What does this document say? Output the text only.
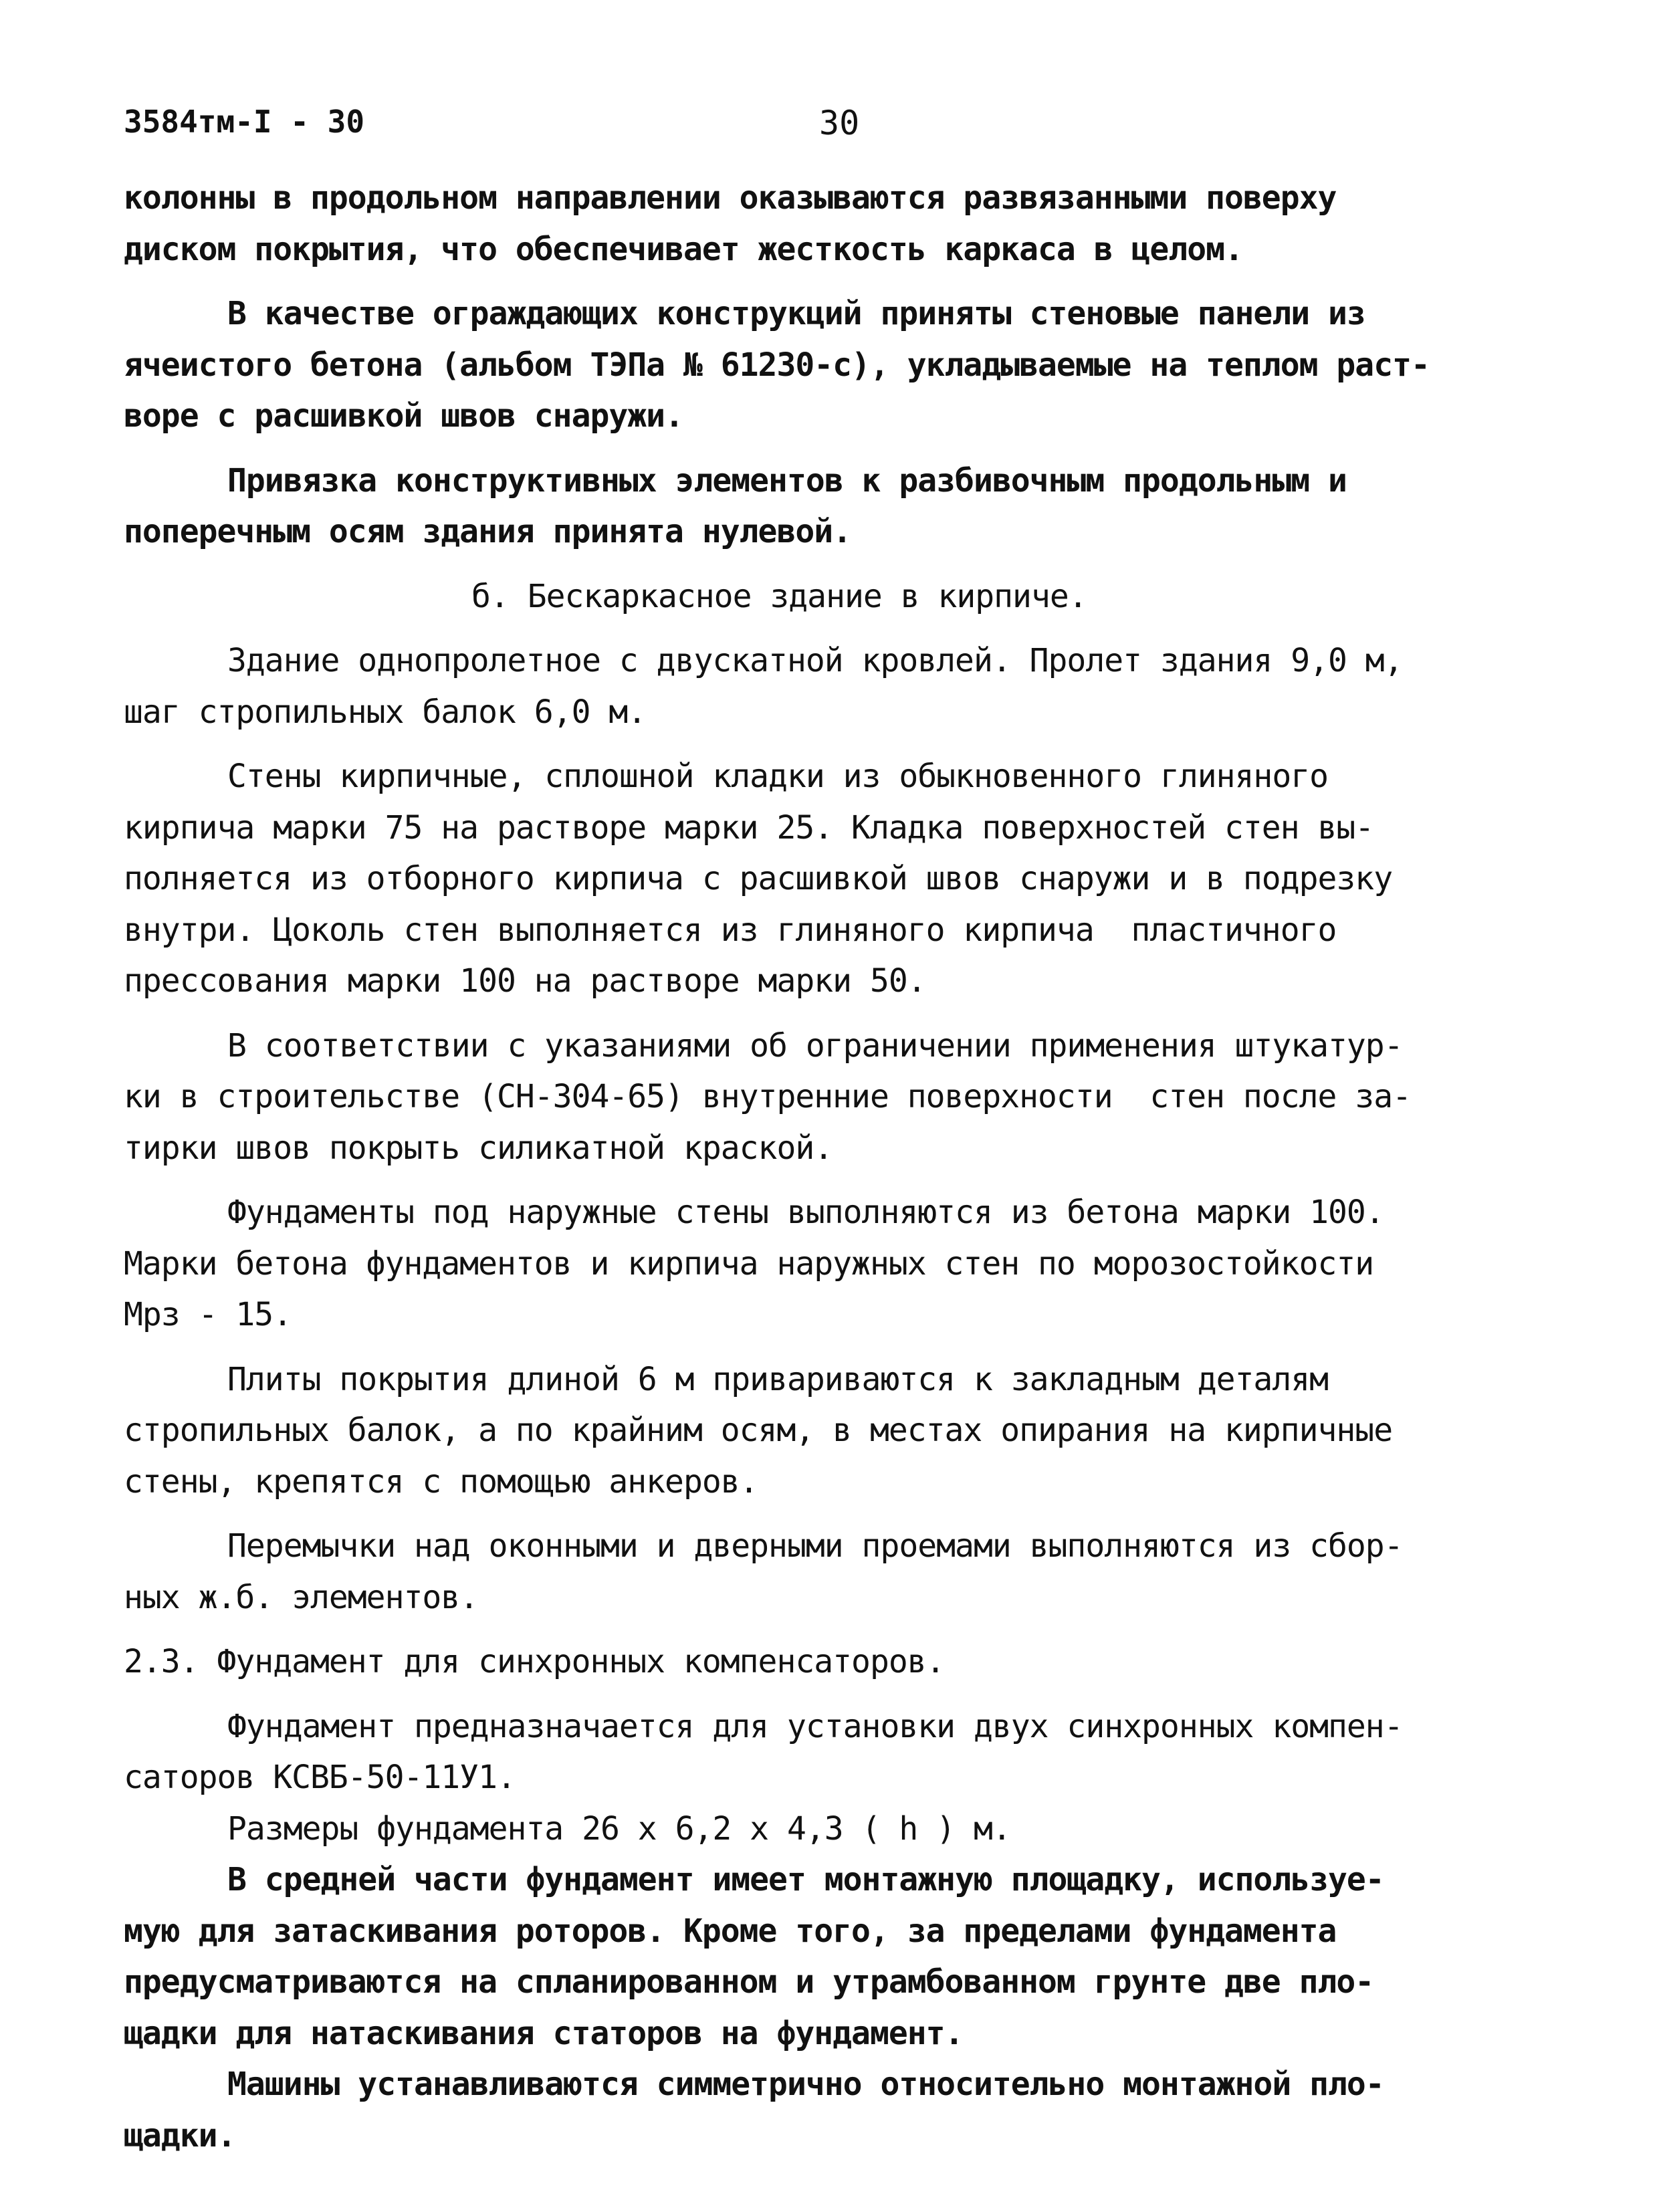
3584тм-I - 30	30
колонны в продольном направлении оказываются развязанными поверху
диском покрытия, что обеспечивает жесткость каркаса в целом.
В качестве ограждающих конструкций приняты стеновые панели из
ячеистого бетона (альбом ТЭПа № 61230-с), укладываемые на теплом раст-
воре с расшивкой швов снаружи.
Привязка конструктивных элементов к разбивочным продольным и
поперечным осям здания принята нулевой.
б. Бескаркасное здание в кирпиче.
Здание однопролетное с двускатной кровлей. Пролет здания 9,0 м,
шаг стропильных балок 6,0 м.
Стены кирпичные, сплошной кладки из обыкновенного глиняного
кирпича марки 75 на растворе марки 25. Кладка поверхностей стен вы-
полняется из отборного кирпича с расшивкой швов снаружи и в подрезку
внутри. Цоколь стен выполняется из глиняного кирпича  пластичного
прессования марки 100 на растворе марки 50.
В соответствии с указаниями об ограничении применения штукатур-
ки в строительстве (СН-304-65) внутренние поверхности  стен после за-
тирки швов покрыть силикатной краской.
Фундаменты под наружные стены выполняются из бетона марки 100.
Марки бетона фундаментов и кирпича наружных стен по морозостойкости
Мрз - 15.
Плиты покрытия длиной 6 м привариваются к закладным деталям
стропильных балок, а по крайним осям, в местах опирания на кирпичные
стены, крепятся с помощью анкеров.
Перемычки над оконными и дверными проемами выполняются из сбор-
ных ж.б. элементов.
2.3. Фундамент для синхронных компенсаторов.
Фундамент предназначается для установки двух синхронных компен-
саторов КСВБ-50-11У1.
Размеры фундамента 26 х 6,2 х 4,3 ( h ) м.
В средней части фундамент имеет монтажную площадку, используе-
мую для затаскивания роторов. Кроме того, за пределами фундамента
предусматриваются на спланированном и утрамбованном грунте две пло-
щадки для натаскивания статоров на фундамент.
Машины устанавливаются симметрично относительно монтажной пло-
щадки.
